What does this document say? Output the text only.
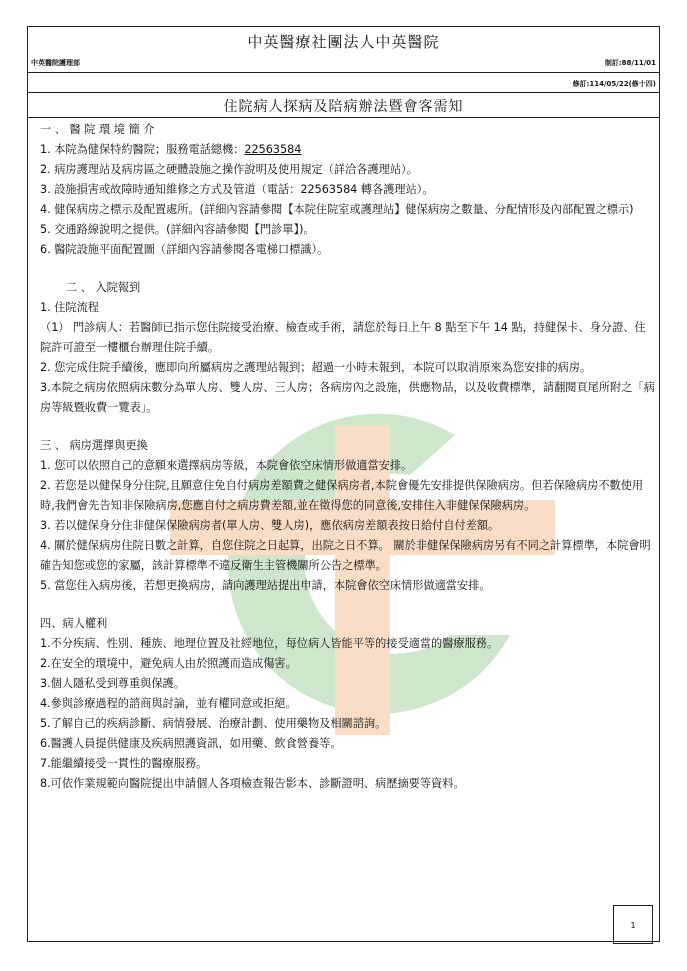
中英醫療社團法人中英醫院
中英醫院護理部	制訂:88/11/01
修訂:114/05/22(修十四)
住院病人探病及陪病辦法暨會客需知
一 、 醫 院 環 境 簡 介
1. 本院為健保特約醫院；服務電話總機：22563584
2. 病房護理站及病房區之硬體設施之操作說明及使用規定（詳洽各護理站）。
3. 設施損害或故障時通知維修之方式及管道（電話：22563584 轉各護理站）。
4. 健保病房之標示及配置處所。(詳細內容請參閱【本院住院室或護理站】健保病房之數量、分配情形及內部配置之標示)
5. 交通路線說明之提供。(詳細內容請參閱【門診單】)。
6. 醫院設施平面配置圖（詳細內容請參閱各電梯口標識）。
二 、 入院報到
1. 住院流程
（1） 門診病人：若醫師已指示您住院接受治療、檢查或手術，請您於每日上午 8 點至下午 14 點，持健保卡、身分證、住院許可證至一樓櫃台辦理住院手續。
2. 您完成住院手續後，應即向所屬病房之護理站報到；超過一小時未報到，本院可以取消原來為您安排的病房。
3.本院之病房依照病床數分為單人房、雙人房、三人房；各病房內之設施，供應物品，以及收費標準，請翻閱頁尾所附之「病房等級暨收費一覽表」。
三 、 病房選擇與更換
1. 您可以依照自己的意願來選擇病房等級，本院會依空床情形做適當安排。
2. 若您是以健保身分住院,且願意住免自付病房差額費之健保病房者,本院會優先安排提供保險病房。但若保險病房不數使用時,我們會先告知非保險病房,您應自付之病房費差額,並在徵得您的同意後,安排住入非健保保險病房。
3. 若以健保身分住非健保保險病房者(單人房、雙人房)，應依病房差額表按日給付自付差額。
4. 關於健保病房住院日數之計算，自您住院之日起算，出院之日不算。 關於非健保保險病房另有不同之計算標準，本院會明確告知您或您的家屬，該計算標準不違反衛生主管機關所公告之標準。
5. 當您住入病房後，若想更換病房，請向護理站提出申請，本院會依空床情形做適當安排。
四、病人權利
1.不分疾病、性別、種族、地理位置及社經地位，每位病人皆能平等的接受適當的醫療服務。
2.在安全的環境中，避免病人由於照護而造成傷害。
3.個人隱私受到尊重與保護。
4.參與診療過程的諮商與討論，並有權同意或拒絕。
5.了解自己的疾病診斷、病情發展、治療計劃、使用藥物及相關諮詢。
6.醫護人員提供健康及疾病照護資訊，如用藥、飲食營養等。
7.能繼續接受一貫性的醫療服務。
8.可依作業規範向醫院提出申請個人各項檢查報告影本、診斷證明、病歷摘要等資料。
1
